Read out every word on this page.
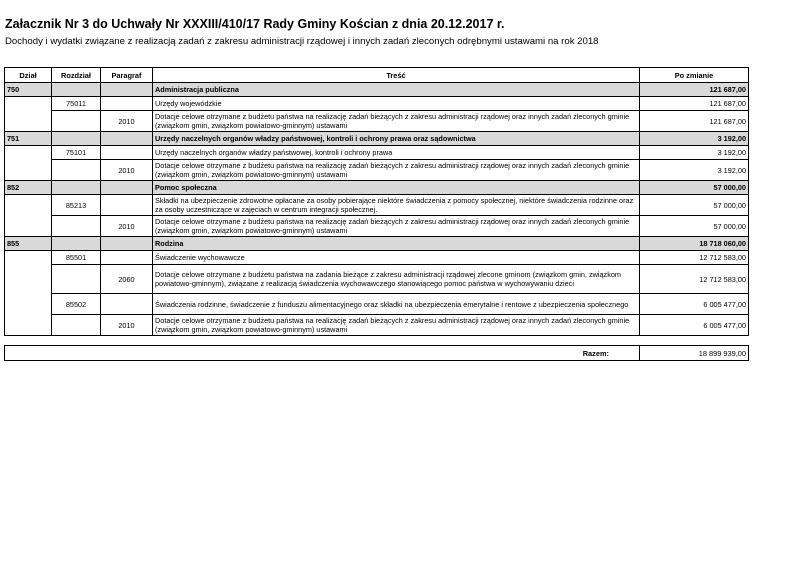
Załacznik Nr 3 do Uchwały Nr XXXIII/410/17 Rady Gminy Kościan z dnia 20.12.2017 r.
Dochody i wydatki związane z realizacją zadań z zakresu administracji rządowej i innych zadań zleconych odrębnymi ustawami na rok 2018
Dział	Rozdział	Paragraf	Treść	Po zmianie
750			Administracja publiczna	121 687,00
	75011		Urzędy wojewódzkie	121 687,00
		2010	Dotacje celowe otrzymane z budżetu państwa na realizację zadań bieżących z zakresu administracji rządowej oraz innych zadań zleconych gminie (związkom gmin, związkom powiatowo-gminnym) ustawami	121 687,00
751			Urzędy naczelnych organów władzy państwowej, kontroli i ochrony prawa oraz sądownictwa	3 192,00
	75101		Urzędy naczelnych organów władzy państwowej, kontroli i ochrony prawa	3 192,00
		2010	Dotacje celowe otrzymane z budżetu państwa na realizację zadań bieżących z zakresu administracji rządowej oraz innych zadań zleconych gminie (związkom gmin, związkom powiatowo-gminnym) ustawami	3 192,00
852			Pomoc społeczna	57 000,00
	85213		Składki na ubezpieczenie zdrowotne opłacane za osoby pobierające niektóre świadczenia z pomocy społecznej, niektóre świadczenia rodzinne oraz za osoby uczestniczące w zajęciach w centrum integracji społecznej.	57 000,00
		2010	Dotacje celowe otrzymane z budżetu państwa na realizację zadań bieżących z zakresu administracji rządowej oraz innych zadań zleconych gminie (związkom gmin, związkom powiatowo-gminnym) ustawami	57 000,00
855			Rodzina	18 718 060,00
	85501		Świadczenie wychowawcze	12 712 583,00
		2060	Dotacje celowe otrzymane z budżetu państwa na zadania bieżące z zakresu administracji rządowej zlecone gminom (związkom gmin, związkom powiatowo-gminnym), związane z realizacją świadczenia wychowawczego stanowiącego pomoc państwa w wychowywaniu dzieci	12 712 583,00
	85502		Świadczenia rodzinne, świadczenie z funduszu alimentacyjnego oraz składki na ubezpieczenia emerytalne i rentowe z ubezpieczenia społecznego	6 005 477,00
		2010	Dotacje celowe otrzymane z budżetu państwa na realizację zadań bieżących z zakresu administracji rządowej oraz innych zadań zleconych gminie (związkom gmin, związkom powiatowo-gminnym) ustawami	6 005 477,00
Razem:	18 899 939,00
